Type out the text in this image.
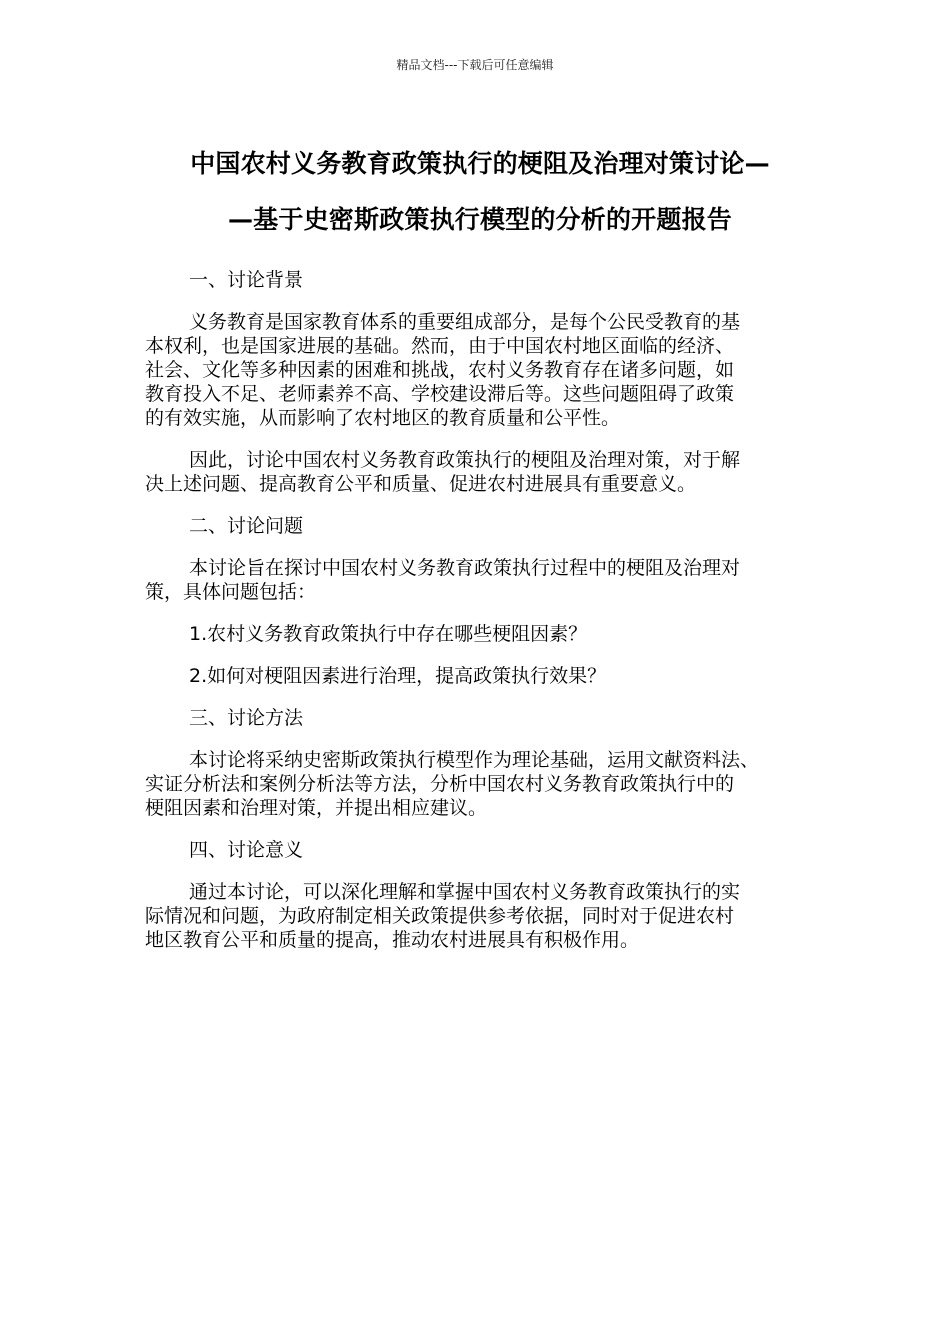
精品文档---下载后可任意编辑
中国农村义务教育政策执行的梗阻及治理对策讨论—
—基于史密斯政策执行模型的分析的开题报告
一、讨论背景
义务教育是国家教育体系的重要组成部分，是每个公民受教育的基
本权利，也是国家进展的基础。然而，由于中国农村地区面临的经济、
社会、文化等多种因素的困难和挑战，农村义务教育存在诸多问题，如
教育投入不足、老师素养不高、学校建设滞后等。这些问题阻碍了政策
的有效实施，从而影响了农村地区的教育质量和公平性。
因此，讨论中国农村义务教育政策执行的梗阻及治理对策，对于解
决上述问题、提高教育公平和质量、促进农村进展具有重要意义。
二、讨论问题
本讨论旨在探讨中国农村义务教育政策执行过程中的梗阻及治理对
策，具体问题包括：
1.农村义务教育政策执行中存在哪些梗阻因素？
2.如何对梗阻因素进行治理，提高政策执行效果？
三、讨论方法
本讨论将采纳史密斯政策执行模型作为理论基础，运用文献资料法、
实证分析法和案例分析法等方法，分析中国农村义务教育政策执行中的
梗阻因素和治理对策，并提出相应建议。
四、讨论意义
通过本讨论，可以深化理解和掌握中国农村义务教育政策执行的实
际情况和问题，为政府制定相关政策提供参考依据，同时对于促进农村
地区教育公平和质量的提高，推动农村进展具有积极作用。
